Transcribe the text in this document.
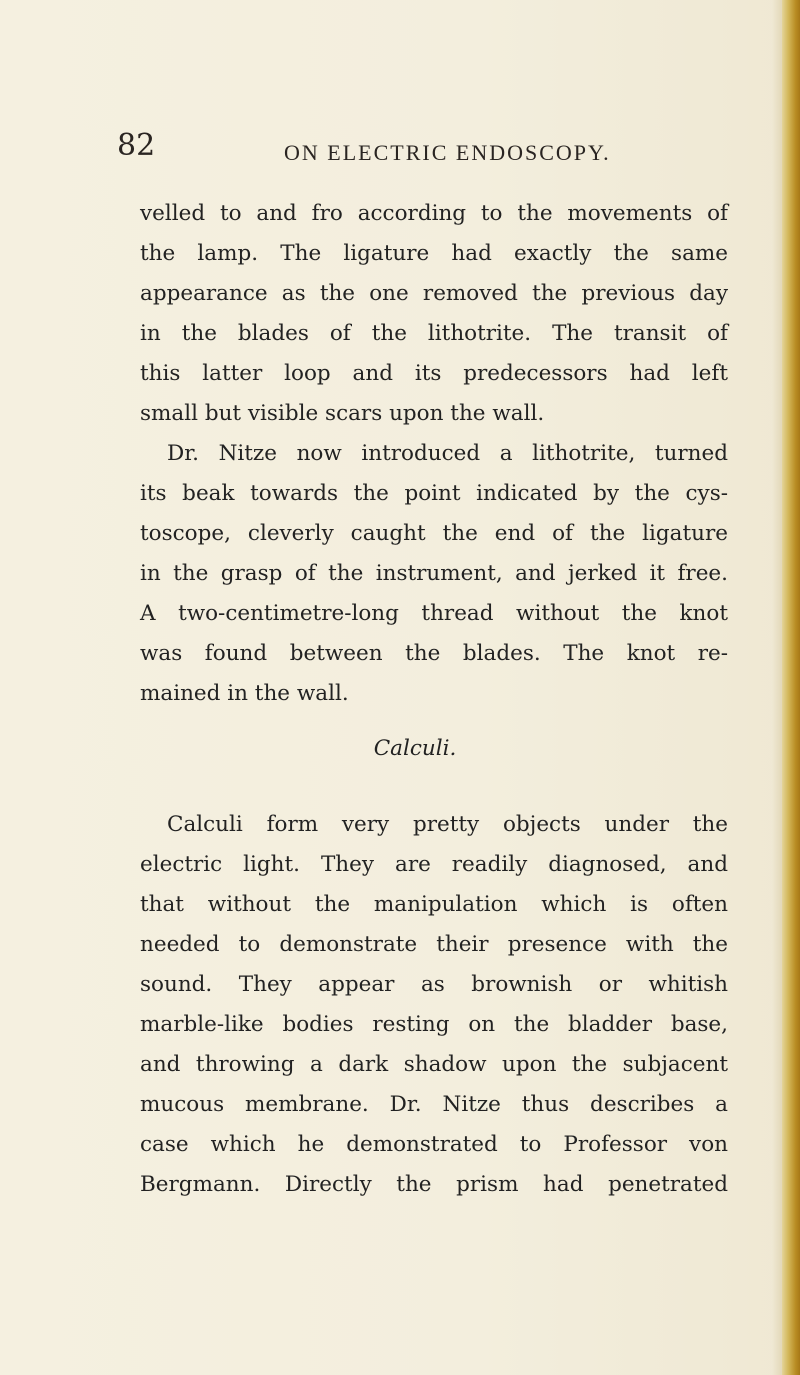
82	ON ELECTRIC ENDOSCOPY.
velled to and fro according to the movements of
the lamp. The ligature had exactly the same
appearance as the one removed the previous day
in the blades of the lithotrite. The transit of
this latter loop and its predecessors had left
small but visible scars upon the wall.
Dr. Nitze now introduced a lithotrite, turned
its beak towards the point indicated by the cys-
toscope, cleverly caught the end of the ligature
in the grasp of the instrument, and jerked it free.
A two-centimetre-long thread without the knot
was found between the blades. The knot re-
mained in the wall.
Calculi.
Calculi form very pretty objects under the
electric light. They are readily diagnosed, and
that without the manipulation which is often
needed to demonstrate their presence with the
sound. They appear as brownish or whitish
marble-like bodies resting on the bladder base,
and throwing a dark shadow upon the subjacent
mucous membrane. Dr. Nitze thus describes a
case which he demonstrated to Professor von
Bergmann. Directly the prism had penetrated
